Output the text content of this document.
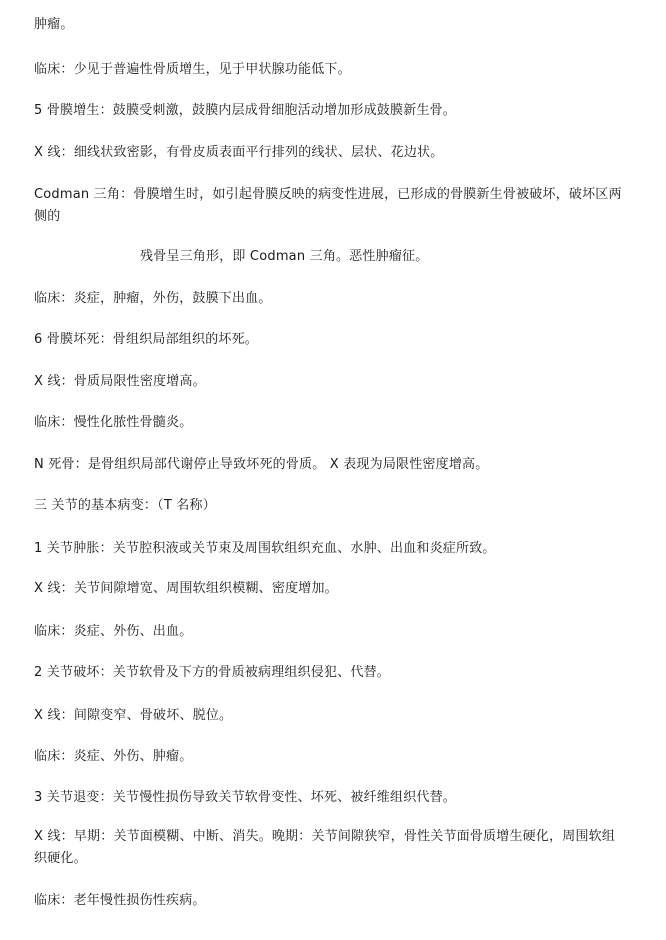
肿瘤。
临床：少见于普遍性骨质增生，见于甲状腺功能低下。
5 骨膜增生：鼓膜受刺激，鼓膜内层成骨细胞活动增加形成鼓膜新生骨。
X 线：细线状致密影，有骨皮质表面平行排列的线状、层状、花边状。
Codman 三角：骨膜增生时，如引起骨膜反映的病变性进展，已形成的骨膜新生骨被破坏，破坏区两侧的
残骨呈三角形，即 Codman 三角。恶性肿瘤征。
临床：炎症，肿瘤，外伤，鼓膜下出血。
6 骨膜坏死：骨组织局部组织的坏死。
X 线：骨质局限性密度增高。
临床：慢性化脓性骨髓炎。
N 死骨：是骨组织局部代谢停止导致坏死的骨质。 X 表现为局限性密度增高。
三 关节的基本病变：（T 名称）
1 关节肿胀：关节腔积液或关节束及周围软组织充血、水肿、出血和炎症所致。
X 线：关节间隙增宽、周围软组织模糊、密度增加。
临床：炎症、外伤、出血。
2 关节破坏：关节软骨及下方的骨质被病理组织侵犯、代替。
X 线：间隙变窄、骨破坏、脱位。
临床：炎症、外伤、肿瘤。
3 关节退变：关节慢性损伤导致关节软骨变性、坏死、被纤维组织代替。
X 线：早期：关节面模糊、中断、消失。晚期：关节间隙狭窄，骨性关节面骨质增生硬化，周围软组织硬化。
临床：老年慢性损伤性疾病。
